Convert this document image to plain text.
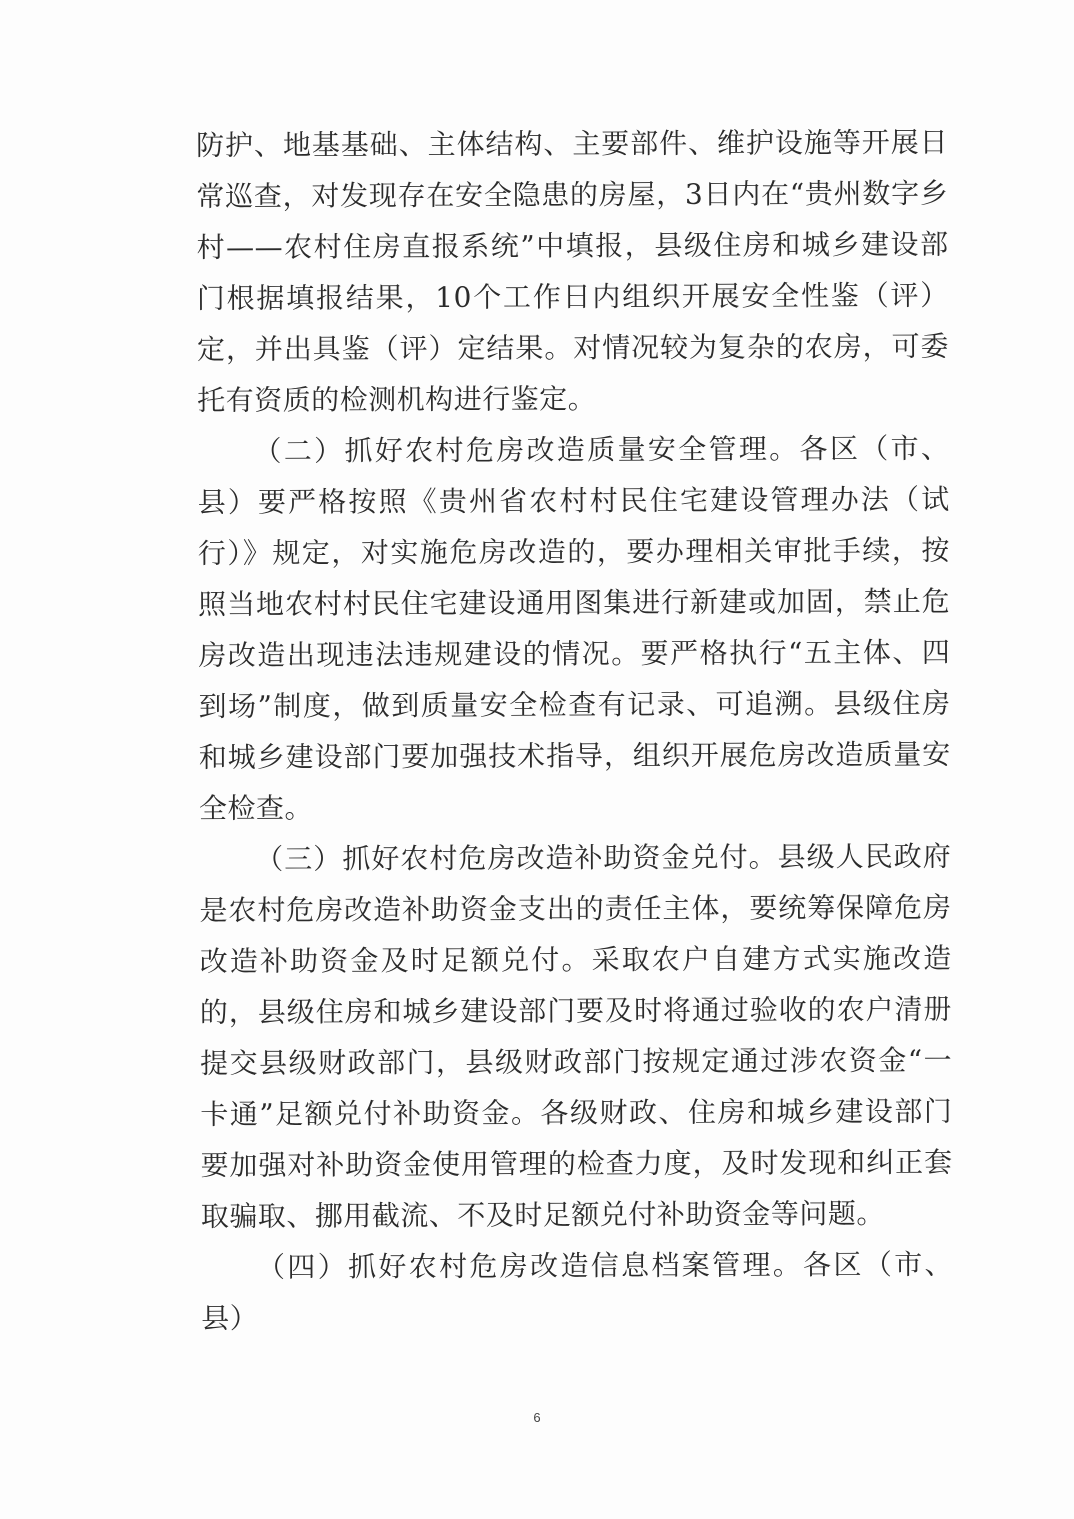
防护、地基基础、主体结构、主要部件、维护设施等开展日常巡查，对发现存在安全隐患的房屋，3日内在“贵州数字乡村——农村住房直报系统”中填报，县级住房和城乡建设部门根据填报结果，10个工作日内组织开展安全性鉴（评）定，并出具鉴（评）定结果。对情况较为复杂的农房，可委托有资质的检测机构进行鉴定。

（二）抓好农村危房改造质量安全管理。各区（市、县）要严格按照《贵州省农村村民住宅建设管理办法（试行）》规定，对实施危房改造的，要办理相关审批手续，按照当地农村村民住宅建设通用图集进行新建或加固，禁止危房改造出现违法违规建设的情况。要严格执行“五主体、四到场”制度，做到质量安全检查有记录、可追溯。县级住房和城乡建设部门要加强技术指导，组织开展危房改造质量安全检查。

（三）抓好农村危房改造补助资金兑付。县级人民政府是农村危房改造补助资金支出的责任主体，要统筹保障危房改造补助资金及时足额兑付。采取农户自建方式实施改造的，县级住房和城乡建设部门要及时将通过验收的农户清册提交县级财政部门，县级财政部门按规定通过涉农资金“一卡通”足额兑付补助资金。各级财政、住房和城乡建设部门要加强对补助资金使用管理的检查力度，及时发现和纠正套取骗取、挪用截流、不及时足额兑付补助资金等问题。

（四）抓好农村危房改造信息档案管理。各区（市、县）

6
